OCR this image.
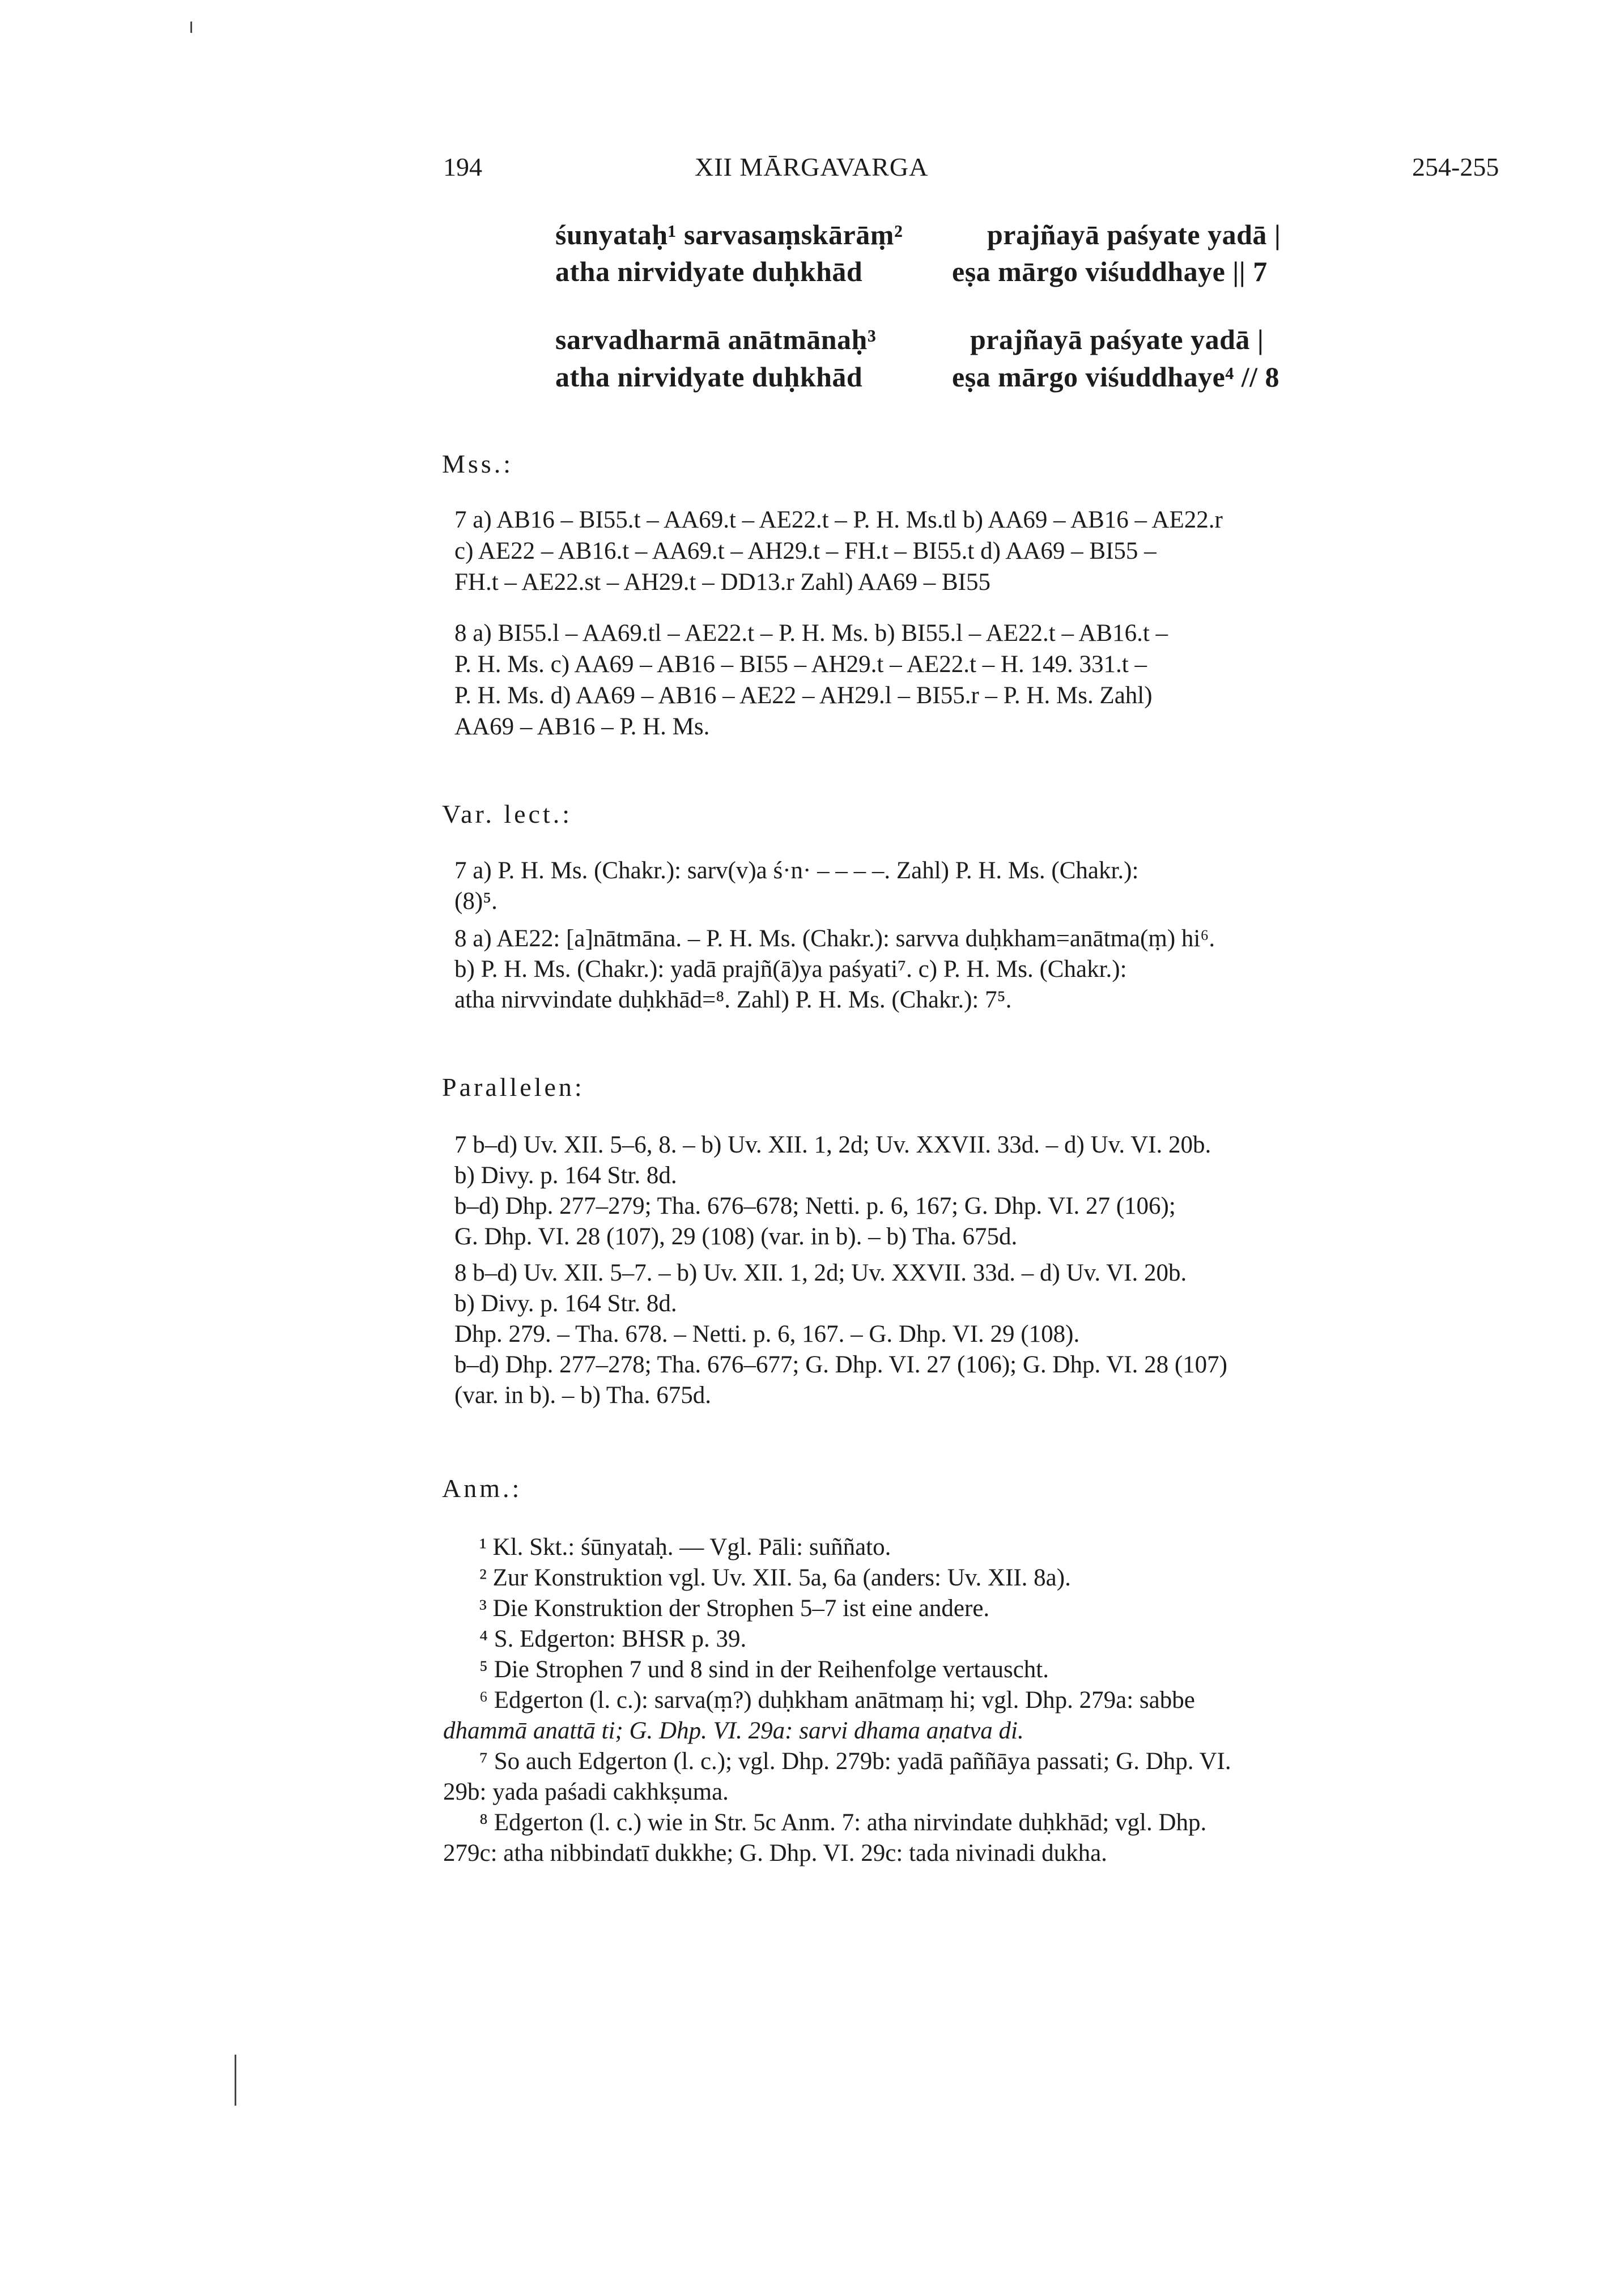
194	XII MĀRGAVARGA	254-255
śunyataḥ¹ sarvasaṃskārāṃ²	prajñayā paśyate yadā |
atha nirvidyate duḥkhād	eṣa mārgo viśuddhaye || 7
sarvadharmā anātmānaḥ³	prajñayā paśyate yadā |
atha nirvidyate duḥkhād	eṣa mārgo viśuddhaye⁴ // 8
Mss.:
7 a) AB16 – BI55.t – AA69.t – AE22.t – P. H. Ms.tl b) AA69 – AB16 – AE22.r
c) AE22 – AB16.t – AA69.t – AH29.t – FH.t – BI55.t d) AA69 – BI55 –
FH.t – AE22.st – AH29.t – DD13.r Zahl) AA69 – BI55
8 a) BI55.l – AA69.tl – AE22.t – P. H. Ms. b) BI55.l – AE22.t – AB16.t –
P. H. Ms. c) AA69 – AB16 – BI55 – AH29.t – AE22.t – H. 149. 331.t –
P. H. Ms. d) AA69 – AB16 – AE22 – AH29.l – BI55.r – P. H. Ms. Zahl)
AA69 – AB16 – P. H. Ms.
Var. lect.:
7 a) P. H. Ms. (Chakr.): sarv(v)a ś·n· – – – –. Zahl) P. H. Ms. (Chakr.):
(8)⁵.
8 a) AE22: [a]nātmāna. – P. H. Ms. (Chakr.): sarvva duḥkham=anātma(ṃ) hi⁶.
b) P. H. Ms. (Chakr.): yadā prajñ(ā)ya paśyati⁷. c) P. H. Ms. (Chakr.):
atha nirvvindate duḥkhād=⁸. Zahl) P. H. Ms. (Chakr.): 7⁵.
Parallelen:
7 b–d) Uv. XII. 5–6, 8. – b) Uv. XII. 1, 2d; Uv. XXVII. 33d. – d) Uv. VI. 20b.
b) Divy. p. 164 Str. 8d.
b–d) Dhp. 277–279; Tha. 676–678; Netti. p. 6, 167; G. Dhp. VI. 27 (106);
G. Dhp. VI. 28 (107), 29 (108) (var. in b). – b) Tha. 675d.
8 b–d) Uv. XII. 5–7. – b) Uv. XII. 1, 2d; Uv. XXVII. 33d. – d) Uv. VI. 20b.
b) Divy. p. 164 Str. 8d.
Dhp. 279. – Tha. 678. – Netti. p. 6, 167. – G. Dhp. VI. 29 (108).
b–d) Dhp. 277–278; Tha. 676–677; G. Dhp. VI. 27 (106); G. Dhp. VI. 28 (107)
(var. in b). – b) Tha. 675d.
Anm.:
¹ Kl. Skt.: śūnyataḥ. — Vgl. Pāli: suññato.
² Zur Konstruktion vgl. Uv. XII. 5a, 6a (anders: Uv. XII. 8a).
³ Die Konstruktion der Strophen 5–7 ist eine andere.
⁴ S. Edgerton: BHSR p. 39.
⁵ Die Strophen 7 und 8 sind in der Reihenfolge vertauscht.
⁶ Edgerton (l. c.): sarva(ṃ?) duḥkham anātmaṃ hi; vgl. Dhp. 279a: sabbe
dhammā anattā ti; G. Dhp. VI. 29a: sarvi dhama aṇatva di.
⁷ So auch Edgerton (l. c.); vgl. Dhp. 279b: yadā paññāya passati; G. Dhp. VI.
29b: yada paśadi cakhkṣuma.
⁸ Edgerton (l. c.) wie in Str. 5c Anm. 7: atha nirvindate duḥkhād; vgl. Dhp.
279c: atha nibbindatī dukkhe; G. Dhp. VI. 29c: tada nivinadi dukha.
